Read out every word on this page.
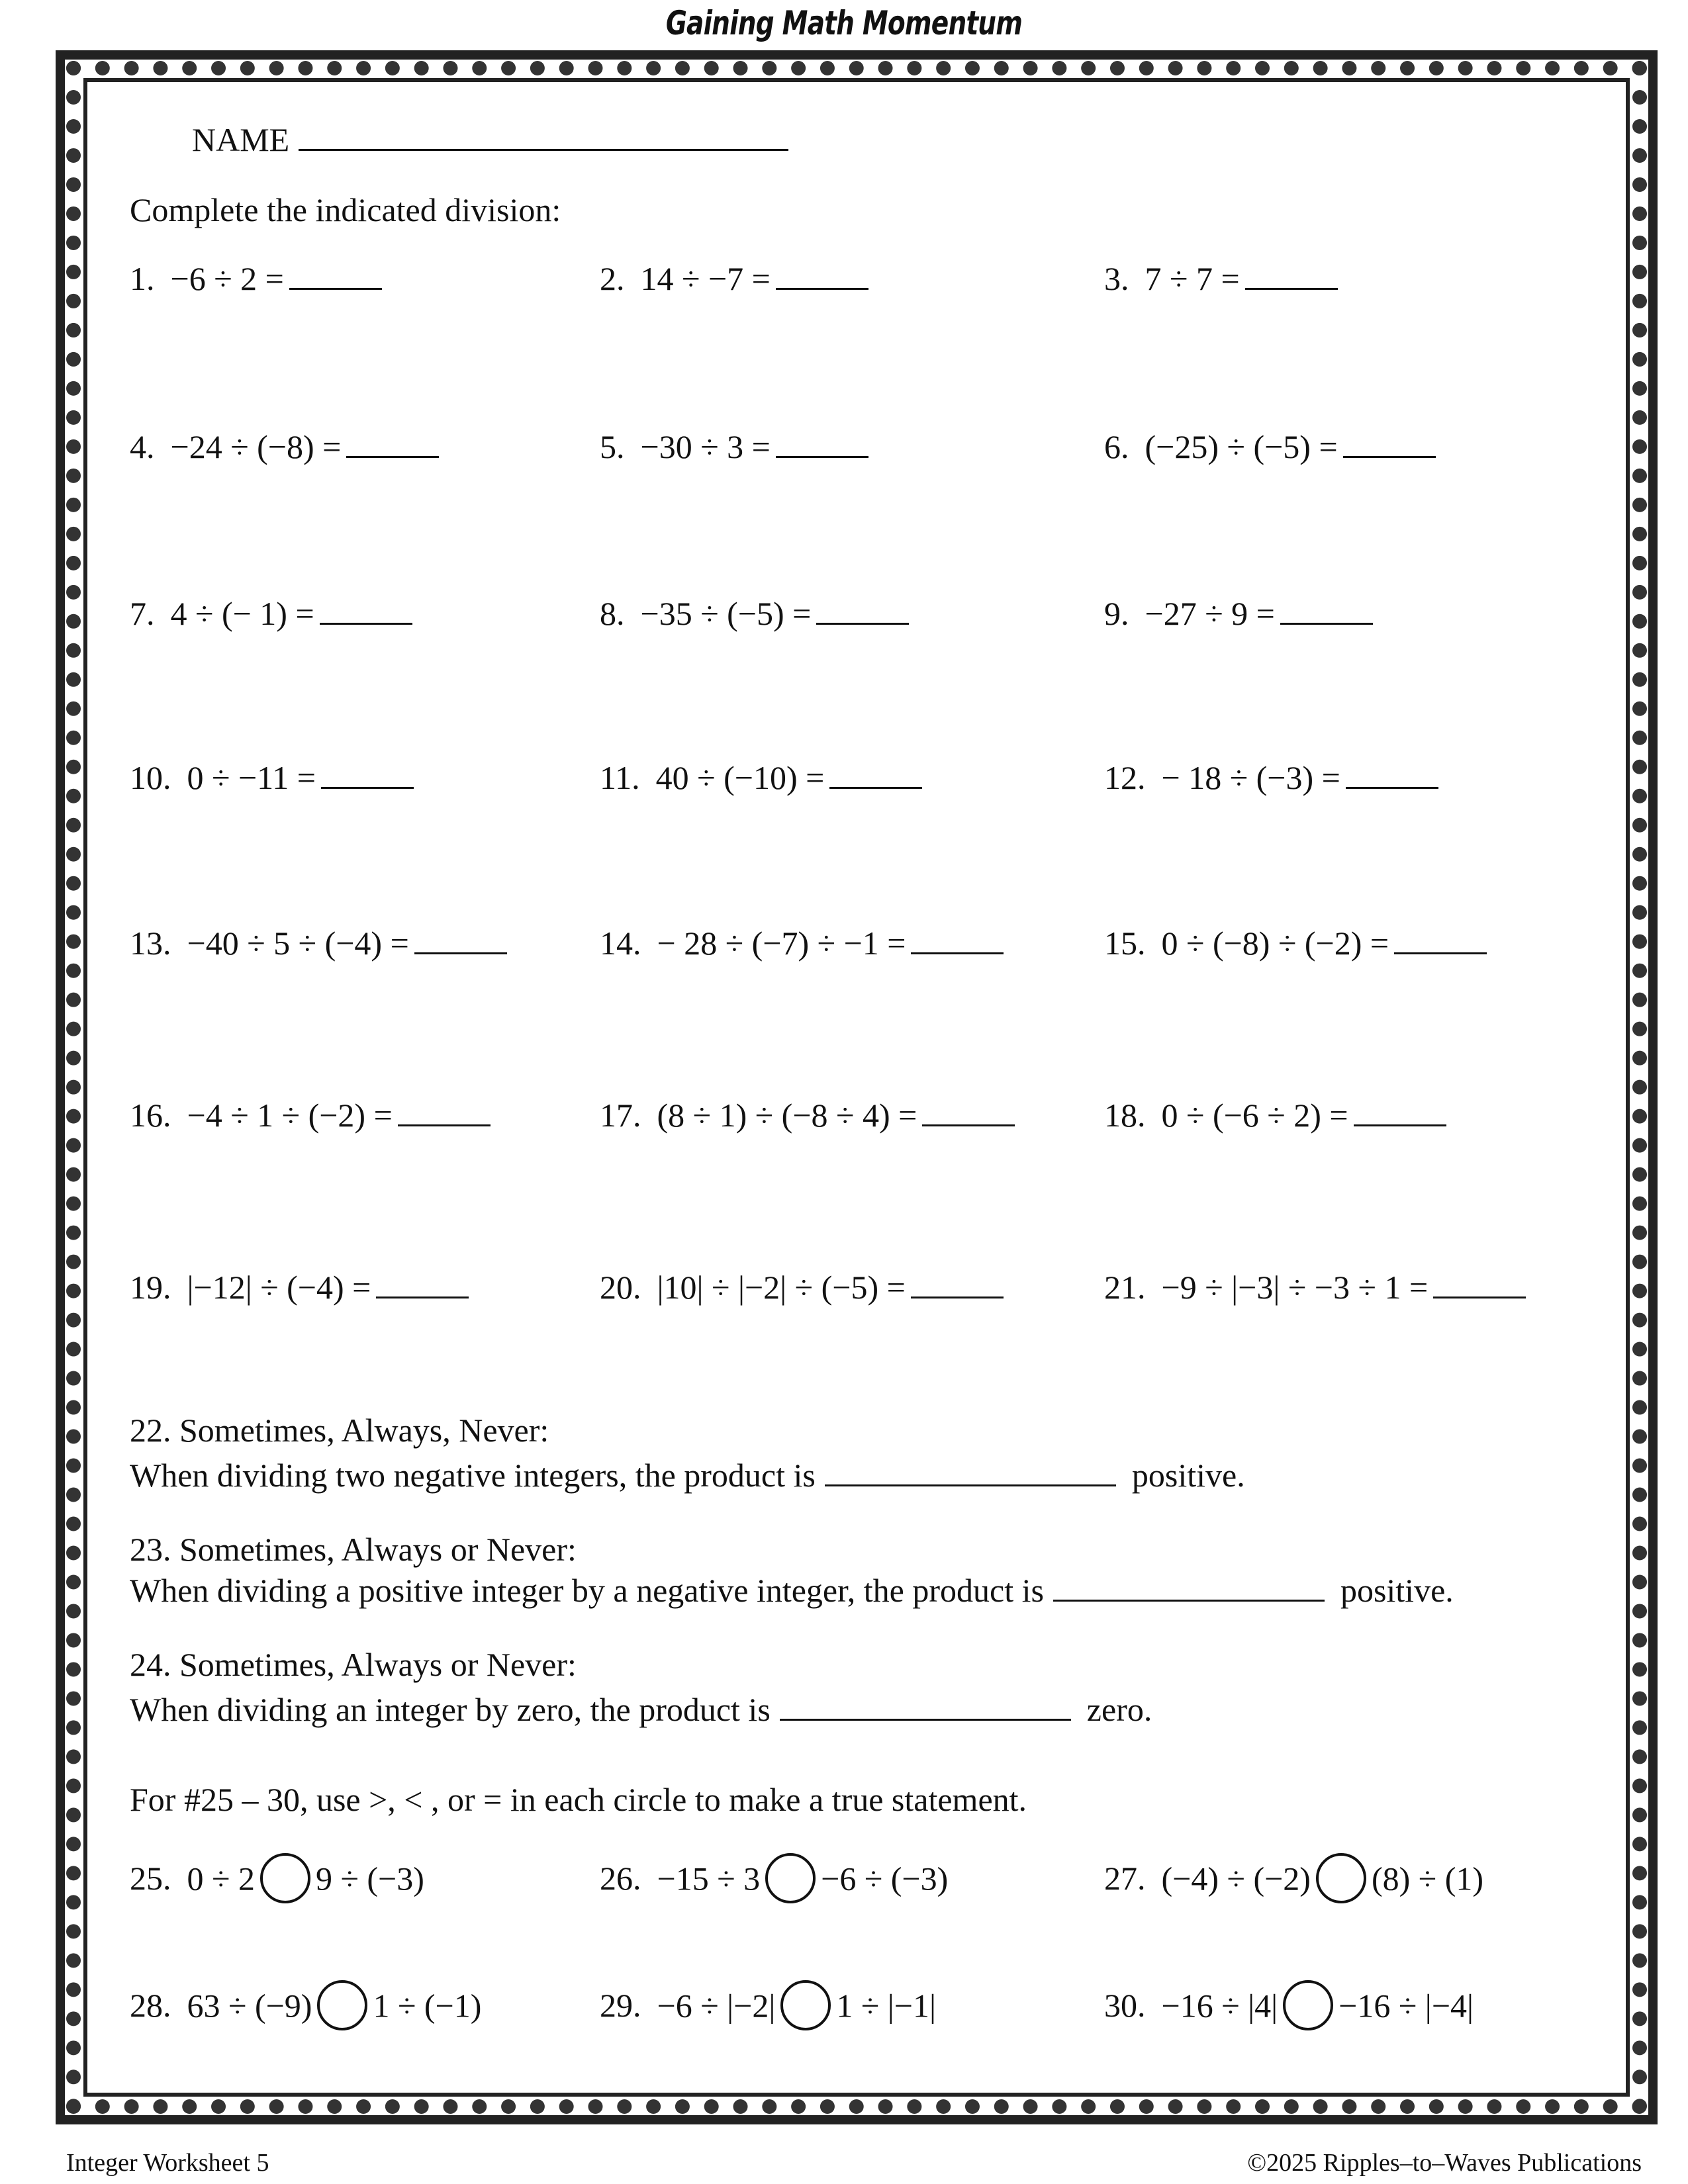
Gaining Math Momentum
NAME
Complete the indicated division:
1. −6 ÷ 2 =	2. 14 ÷ −7 =	3. 7 ÷ 7 =
4. −24 ÷ (−8) =	5. −30 ÷ 3 =	6. (−25) ÷ (−5) =
7. 4 ÷ (− 1) =	8. −35 ÷ (−5) =	9. −27 ÷ 9 =
10. 0 ÷ −11 =	11. 40 ÷ (−10) =	12. − 18 ÷ (−3) =
13. −40 ÷ 5 ÷ (−4) =	14. − 28 ÷ (−7) ÷ −1 =	15. 0 ÷ (−8) ÷ (−2) =
16. −4 ÷ 1 ÷ (−2) =	17. (8 ÷ 1) ÷ (−8 ÷ 4) =	18. 0 ÷ (−6 ÷ 2) =
19. |−12| ÷ (−4) =	20. |10| ÷ |−2| ÷ (−5) =	21. −9 ÷ |−3| ÷ −3 ÷ 1 =
22. Sometimes, Always, Never:
When dividing two negative integers, the product is	positive.
23. Sometimes, Always or Never:
When dividing a positive integer by a negative integer, the product is	positive.
24. Sometimes, Always or Never:
When dividing an integer by zero, the product is	zero.
For #25 – 30, use >, < , or = in each circle to make a true statement.
25. 0 ÷ 2 9 ÷ (−3)	26. −15 ÷ 3 −6 ÷ (−3)	27. (−4) ÷ (−2) (8) ÷ (1)
28. 63 ÷ (−9) 1 ÷ (−1)	29. −6 ÷ |−2| 1 ÷ |−1|	30. −16 ÷ |4| −16 ÷ |−4|
Integer Worksheet 5	©2025 Ripples–to–Waves Publications
